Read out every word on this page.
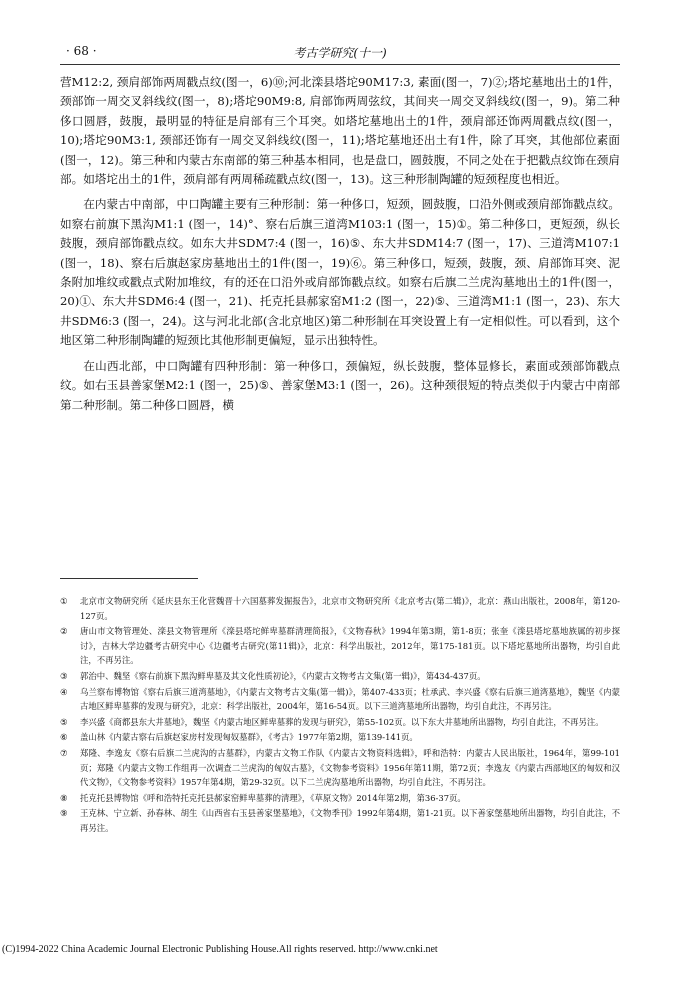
· 68 ·	考古学研究(十一)

营M12:2, 颈肩部饰两周戳点纹(图一，6)⑩;河北滦县塔坨90M17:3, 素面(图一，7)②;塔坨墓地出土的1件，颈部饰一周交叉斜线纹(图一，8);塔坨90M9:8, 肩部饰两周弦纹，其间夹一周交叉斜线纹(图一，9)。第二种侈口圆唇，鼓腹，最明显的特征是肩部有三个耳突。如塔坨墓地出土的1件，颈肩部还饰两周戳点纹(图一，10);塔坨90M3:1, 颈部还饰有一周交叉斜线纹(图一，11);塔坨墓地还出土有1件，除了耳突，其他部位素面(图一，12)。第三种和内蒙古东南部的第三种基本相同，也是盘口，圆鼓腹，不同之处在于把戳点纹饰在颈肩部。如塔坨出土的1件，颈肩部有两周稀疏戳点纹(图一，13)。这三种形制陶罐的短颈程度也相近。

在内蒙古中南部，中口陶罐主要有三种形制：第一种侈口，短颈，圆鼓腹，口沿外侧或颈肩部饰戳点纹。如察右前旗下黑沟M1:1 (图一，14)°、察右后旗三道湾M103:1 (图一，15)①。第二种侈口，更短颈，纵长鼓腹，颈肩部饰戳点纹。如东大井SDM7:4 (图一，16)⑤、东大井SDM14:7 (图一，17)、三道湾M107:1 (图一，18)、察右后旗赵家房墓地出土的1件(图一，19)⑥。第三种侈口，短颈，鼓腹，颈、肩部饰耳突、泥条附加堆纹或戳点式附加堆纹，有的还在口沿外或肩部饰戳点纹。如察右后旗二兰虎沟墓地出土的1件(图一，20)①、东大井SDM6:4 (图一，21)、托克托县郝家窑M1:2 (图一，22)⑤、三道湾M1:1 (图一，23)、东大井SDM6:3 (图一，24)。这与河北北部(含北京地区)第二种形制在耳突设置上有一定相似性。可以看到，这个地区第二种形制陶罐的短颈比其他形制更偏短，显示出独特性。

在山西北部，中口陶罐有四种形制：第一种侈口，颈偏短，纵长鼓腹，整体显修长，素面或颈部饰戳点纹。如右玉县善家堡M2:1 (图一，25)⑤、善家堡M3:1 (图一，26)。这种颈很短的特点类似于内蒙古中南部第二种形制。第二种侈口圆唇，横

①	北京市文物研究所《延庆县东王化营魏晋十六国墓葬发掘报告》，北京市文物研究所《北京考古(第二辑)》，北京：燕山出版社，2008年，第120-127页。
②	唐山市文物管理处、滦县文物管理所《滦县塔坨鲜卑墓群清理简报》，《文物春秋》1994年第3期，第1-8页；张奎《滦县塔坨墓地族属的初步探讨》，吉林大学边疆考古研究中心《边疆考古研究(第11辑)》，北京：科学出版社，2012年，第175-181页。以下塔坨墓地所出器物，均引自此注，不再另注。
③	郭治中、魏坚《察右前旗下黑沟鲜卑墓及其文化性质初论》，《内蒙古文物考古文集(第一辑)》，第434-437页。
④	乌兰察布博物馆《察右后旗三道湾墓地》，《内蒙古文物考古文集(第一辑)》，第407-433页；杜承武、李兴盛《察右后旗三道湾墓地》，魏坚《内蒙古地区鲜卑墓葬的发现与研究》，北京：科学出版社，2004年，第16-54页。以下三道湾墓地所出器物，均引自此注，不再另注。
⑤	李兴盛《商都县东大井墓地》，魏坚《内蒙古地区鲜卑墓葬的发现与研究》，第55-102页。以下东大井墓地所出器物，均引自此注，不再另注。
⑥	盖山林《内蒙古察右后旗赵家房村发现匈奴墓群》，《考古》1977年第2期，第139-141页。
⑦	郑隆、李逸友《察右后旗二兰虎沟的古墓群》，内蒙古文物工作队《内蒙古文物资料选辑》，呼和浩特：内蒙古人民出版社，1964年，第99-101页；郑隆《内蒙古文物工作组再一次调查二兰虎沟的匈奴古墓》，《文物参考资料》1956年第11期，第72页；李逸友《内蒙古西部地区的匈奴和汉代文物》，《文物参考资料》1957年第4期，第29-32页。以下二兰虎沟墓地所出器物，均引自此注，不再另注。
⑧	托克托县博物馆《呼和浩特托克托县郝家窑鲜卑墓葬的清理》，《草原文物》2014年第2期，第36-37页。
⑨	王克林、宁立新、孙春林、胡生《山西省右玉县善家堡墓地》，《文物季刊》1992年第4期，第1-21页。以下善家堡墓地所出器物，均引自此注，不再另注。
(C)1994-2022 China Academic Journal Electronic Publishing House.All rights reserved. http://www.cnki.net
